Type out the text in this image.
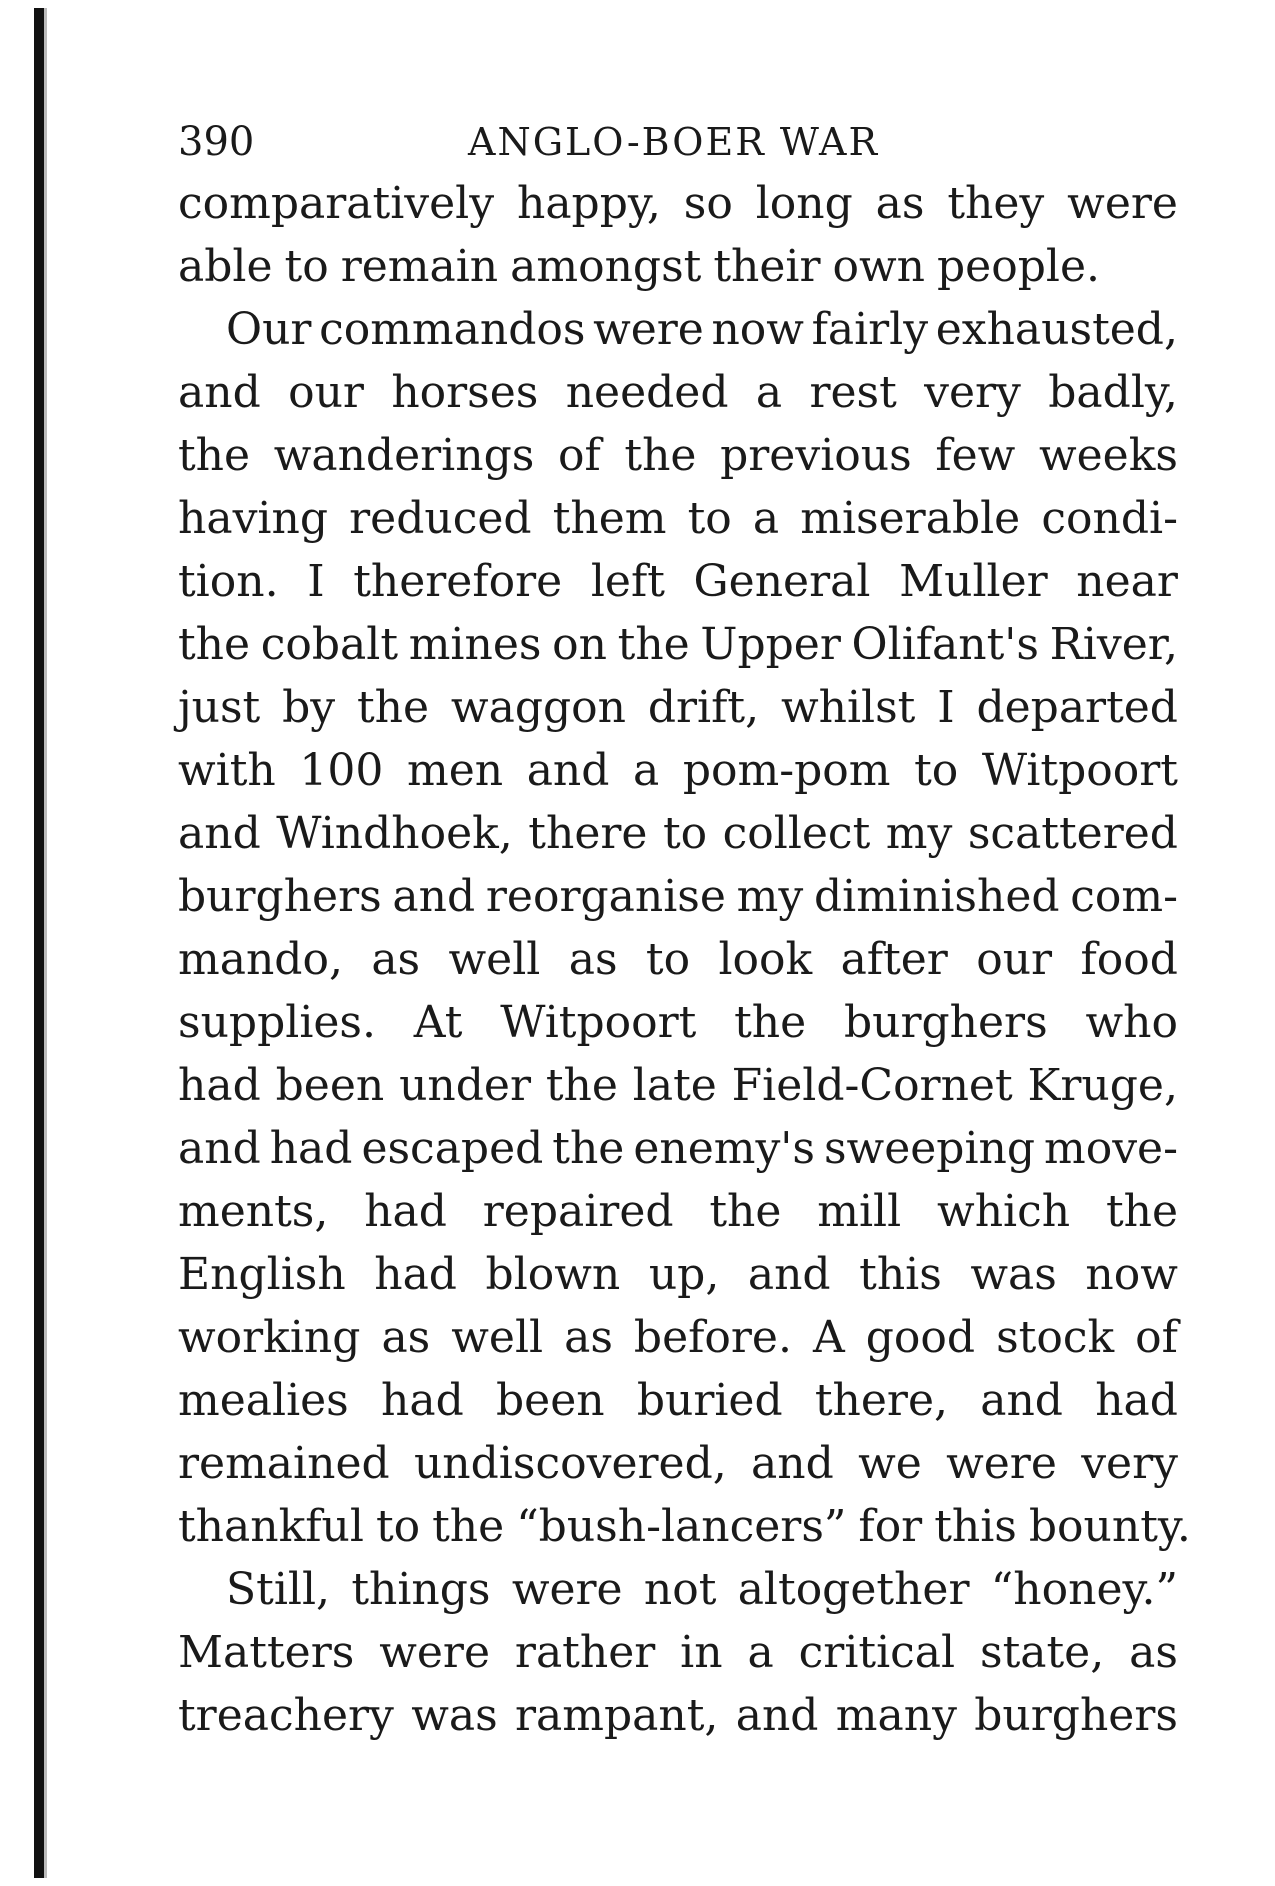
390	ANGLO-BOER WAR
comparatively happy, so long as they were
able to remain amongst their own people.
Our commandos were now fairly exhausted,
and our horses needed a rest very badly,
the wanderings of the previous few weeks
having reduced them to a miserable condi-
tion. I therefore left General Muller near
the cobalt mines on the Upper Olifant's River,
just by the waggon drift, whilst I departed
with 100 men and a pom-pom to Witpoort
and Windhoek, there to collect my scattered
burghers and reorganise my diminished com-
mando, as well as to look after our food
supplies. At Witpoort the burghers who
had been under the late Field-Cornet Kruge,
and had escaped the enemy's sweeping move-
ments, had repaired the mill which the
English had blown up, and this was now
working as well as before. A good stock of
mealies had been buried there, and had
remained undiscovered, and we were very
thankful to the “bush-lancers” for this bounty.
Still, things were not altogether “honey.”
Matters were rather in a critical state, as
treachery was rampant, and many burghers
